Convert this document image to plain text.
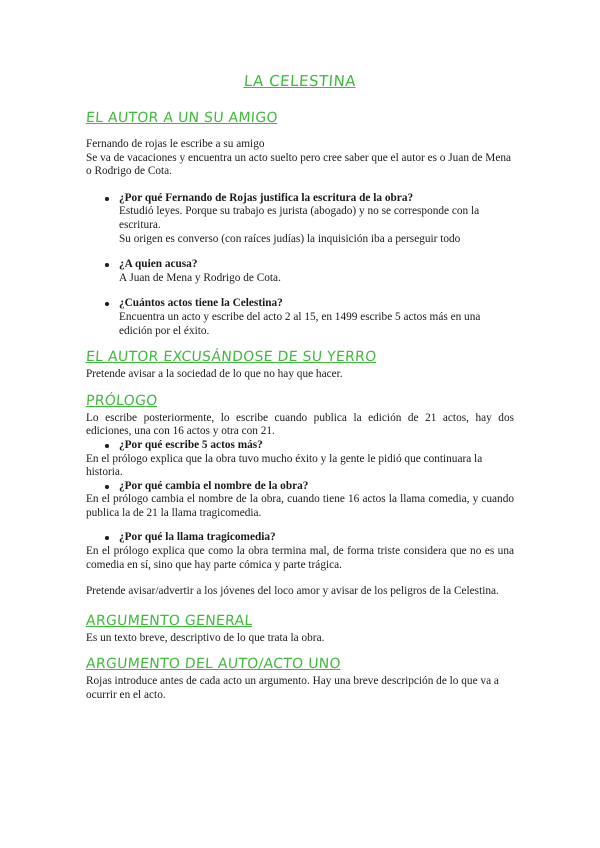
LA CELESTINA
EL AUTOR A UN SU AMIGO

Fernando de rojas le escribe a su amigo

Se va de vacaciones y encuentra un acto suelto pero cree saber que el autor es o Juan de Mena o Rodrigo de Cota.

¿Por qué Fernando de Rojas justifica la escritura de la obra?
Estudió leyes. Porque su trabajo es jurista (abogado) y no se corresponde con la escritura.
Su origen es converso (con raíces judías) la inquisición iba a perseguir todo
¿A quien acusa?
A Juan de Mena y Rodrigo de Cota.
¿Cuántos actos tiene la Celestina?
Encuentra un acto y escribe del acto 2 al 15, en 1499 escribe 5 actos más en una edición por el éxito.
EL AUTOR EXCUSÁNDOSE DE SU YERRO

Pretende avisar a la sociedad de lo que no hay que hacer.

PRÓLOGO

Lo escribe posteriormente, lo escribe cuando publica la edición de 21 actos, hay dos ediciones, una con 16 actos y otra con 21.

¿Por qué escribe 5 actos más?

En el prólogo explica que la obra tuvo mucho éxito y la gente le pidió que continuara la historia.

¿Por qué cambia el nombre de la obra?

En el prólogo cambia el nombre de la obra, cuando tiene 16 actos la llama comedia, y cuando publica la de 21 la llama tragicomedia.

¿Por qué la llama tragicomedia?

En el prólogo explica que como la obra termina mal, de forma triste considera que no es una comedia en sí, sino que hay parte cómica y parte trágica.

Pretende avisar/advertir a los jóvenes del loco amor y avisar de los peligros de la Celestina.

ARGUMENTO GENERAL

Es un texto breve, descriptivo de lo que trata la obra.

ARGUMENTO DEL AUTO/ACTO UNO

Rojas introduce antes de cada acto un argumento. Hay una breve descripción de lo que va a ocurrir en el acto.
